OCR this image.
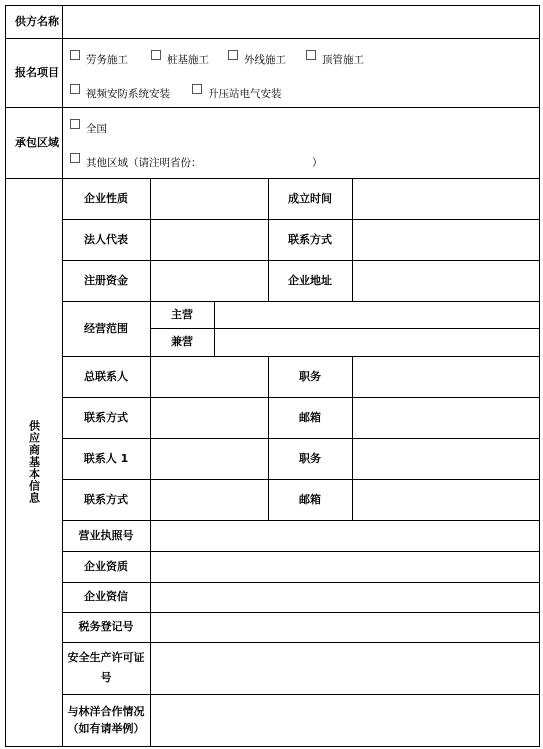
供方名称
报名项目
劳务施工	桩基施工	外线施工	顶管施工
视频安防系统安装	升压站电气安装
承包区域
全国
其他区域（请注明省份：	）
供应商基本信息
企业性质	成立时间
法人代表	联系方式
注册资金	企业地址
经营范围
主营
兼营
总联系人	职务
联系方式	邮箱
联系人 1	职务
联系方式	邮箱
营业执照号
企业资质
企业资信
税务登记号
安全生产许可证号
与林洋合作情况（如有请举例）
